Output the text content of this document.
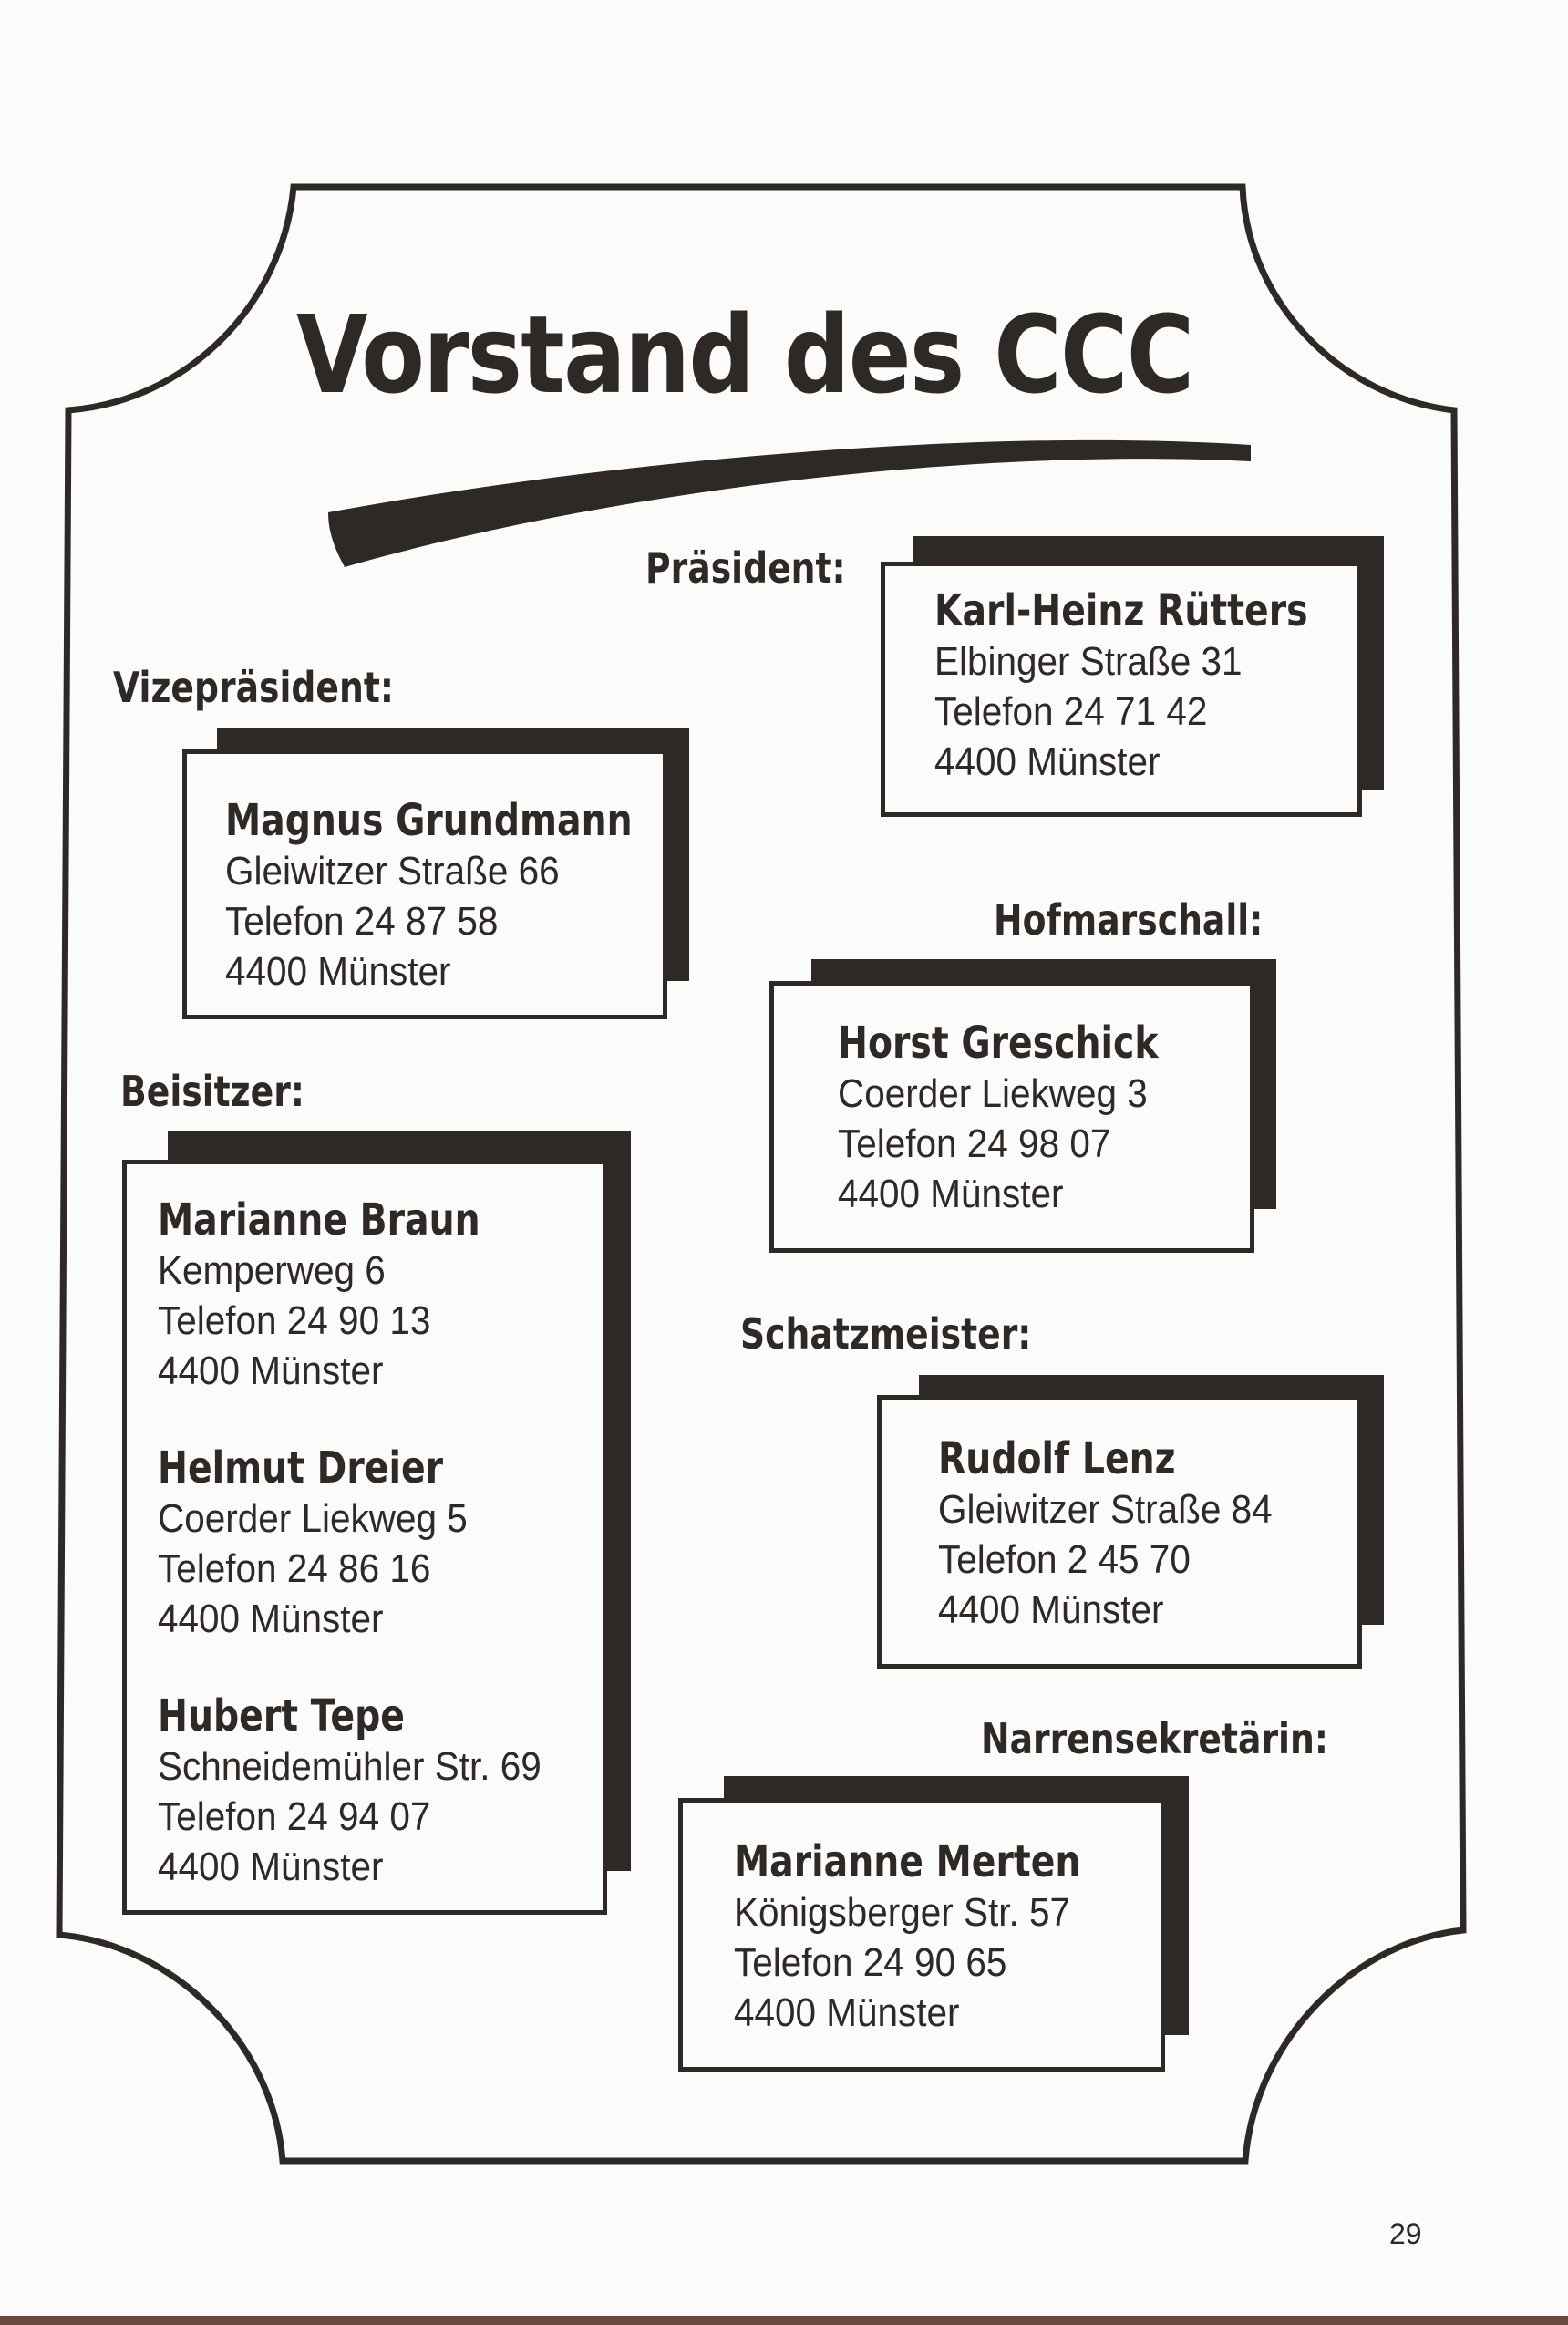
Vorstand des CCC

Präsident:

Karl-Heinz Rütters
Elbinger Straße 31
Telefon 24 71 42
4400 Münster

Vizepräsident:

Magnus Grundmann
Gleiwitzer Straße 66
Telefon 24 87 58
4400 Münster

Hofmarschall:

Horst Greschick
Coerder Liekweg 3
Telefon 24 98 07
4400 Münster

Beisitzer:

Marianne Braun
Kemperweg 6
Telefon 24 90 13
4400 Münster
Helmut Dreier
Coerder Liekweg 5
Telefon 24 86 16
4400 Münster
Hubert Tepe
Schneidemühler Str. 69
Telefon 24 94 07
4400 Münster

Schatzmeister:

Rudolf Lenz
Gleiwitzer Straße 84
Telefon 2 45 70
4400 Münster

Narrensekretärin:

Marianne Merten
Königsberger Str. 57
Telefon 24 90 65
4400 Münster

29
